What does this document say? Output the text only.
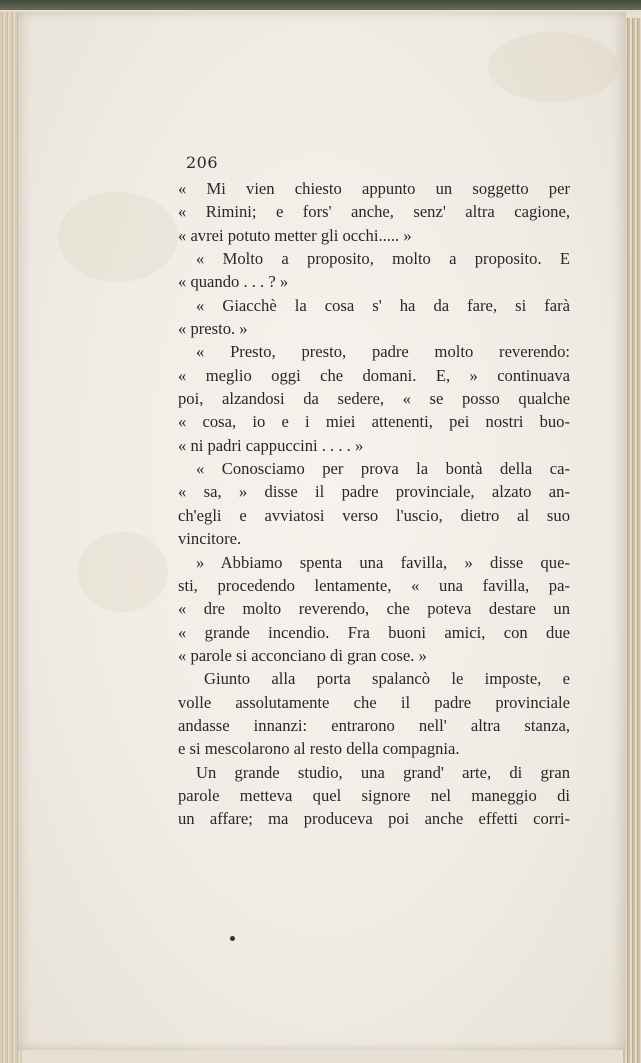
206
« Mi vien chiesto appunto un soggetto per
« Rimini; e fors' anche, senz' altra cagione,
« avrei potuto metter gli occhi..... »
« Molto a proposito, molto a proposito. E
« quando . . . ? »
« Giacchè la cosa s' ha da fare, si farà
« presto. »
« Presto, presto, padre molto reverendo:
« meglio oggi che domani. E, » continuava
poi, alzandosi da sedere, « se posso qualche
« cosa, io e i miei attenenti, pei nostri buo-
« ni padri cappuccini . . . . »
« Conosciamo per prova la bontà della ca-
« sa, » disse il padre provinciale, alzato an-
ch'egli e avviatosi verso l'uscio, dietro al suo
vincitore.
» Abbiamo spenta una favilla, » disse que-
sti, procedendo lentamente, « una favilla, pa-
« dre molto reverendo, che poteva destare un
« grande incendio. Fra buoni amici, con due
« parole si acconciano di gran cose. »
Giunto alla porta spalancò le imposte, e
volle assolutamente che il padre provinciale
andasse innanzi: entrarono nell' altra stanza,
e si mescolarono al resto della compagnia.
Un grande studio, una grand' arte, di gran
parole metteva quel signore nel maneggio di
un affare; ma produceva poi anche effetti corri-
